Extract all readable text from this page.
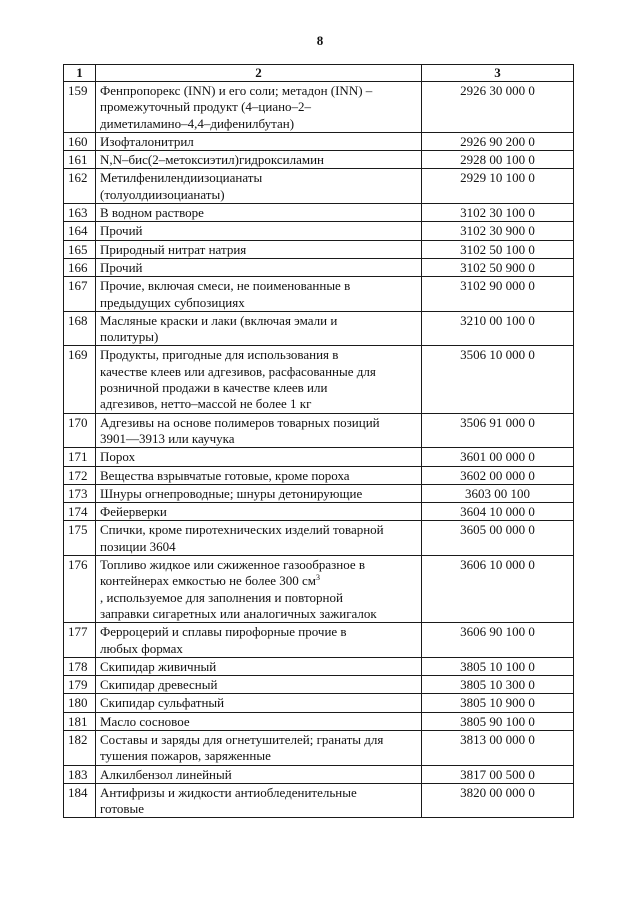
8
1	2	3
159	Фенпропорекс (INN) и его соли; метадон (INN) –
промежуточный продукт (4–циано–2–
диметиламино–4,4–дифенилбутан)	2926 30 000 0
160	Изофталонитрил	2926 90 200 0
161	N,N–бис(2–метоксиэтил)гидроксиламин	2928 00 100 0
162	Метилфенилендиизоцианаты
(толуолдиизоцианаты)	2929 10 100 0
163	В водном растворе	3102 30 100 0
164	Прочий	3102 30 900 0
165	Природный нитрат натрия	3102 50 100 0
166	Прочий	3102 50 900 0
167	Прочие, включая смеси, не поименованные в
предыдущих субпозициях	3102 90 000 0
168	Масляные краски и лаки (включая эмали и
политуры)	3210 00 100 0
169	Продукты, пригодные для использования в
качестве клеев или адгезивов, расфасованные для
розничной продажи в качестве клеев или
адгезивов, нетто–массой не более 1 кг	3506 10 000 0
170	Адгезивы на основе полимеров товарных позиций
3901—3913 или каучука	3506 91 000 0
171	Порох	3601 00 000 0
172	Вещества взрывчатые готовые, кроме пороха	3602 00 000 0
173	Шнуры огнепроводные; шнуры детонирующие	3603 00 100
174	Фейерверки	3604 10 000 0
175	Спички, кроме пиротехнических изделий товарной
позиции 3604	3605 00 000 0
176	Топливо жидкое или сжиженное газообразное в
контейнерах емкостью не более 300 $см^3$
, используемое для заполнения и повторной
заправки сигаретных или аналогичных зажигалок	3606 10 000 0
177	Ферроцерий и сплавы пирофорные прочие в
любых формах	3606 90 100 0
178	Скипидар живичный	3805 10 100 0
179	Скипидар древесный	3805 10 300 0
180	Скипидар сульфатный	3805 10 900 0
181	Масло сосновое	3805 90 100 0
182	Составы и заряды для огнетушителей; гранаты для
тушения пожаров, заряженные	3813 00 000 0
183	Алкилбензол линейный	3817 00 500 0
184	Антифризы и жидкости антиобледенительные
готовые	3820 00 000 0
